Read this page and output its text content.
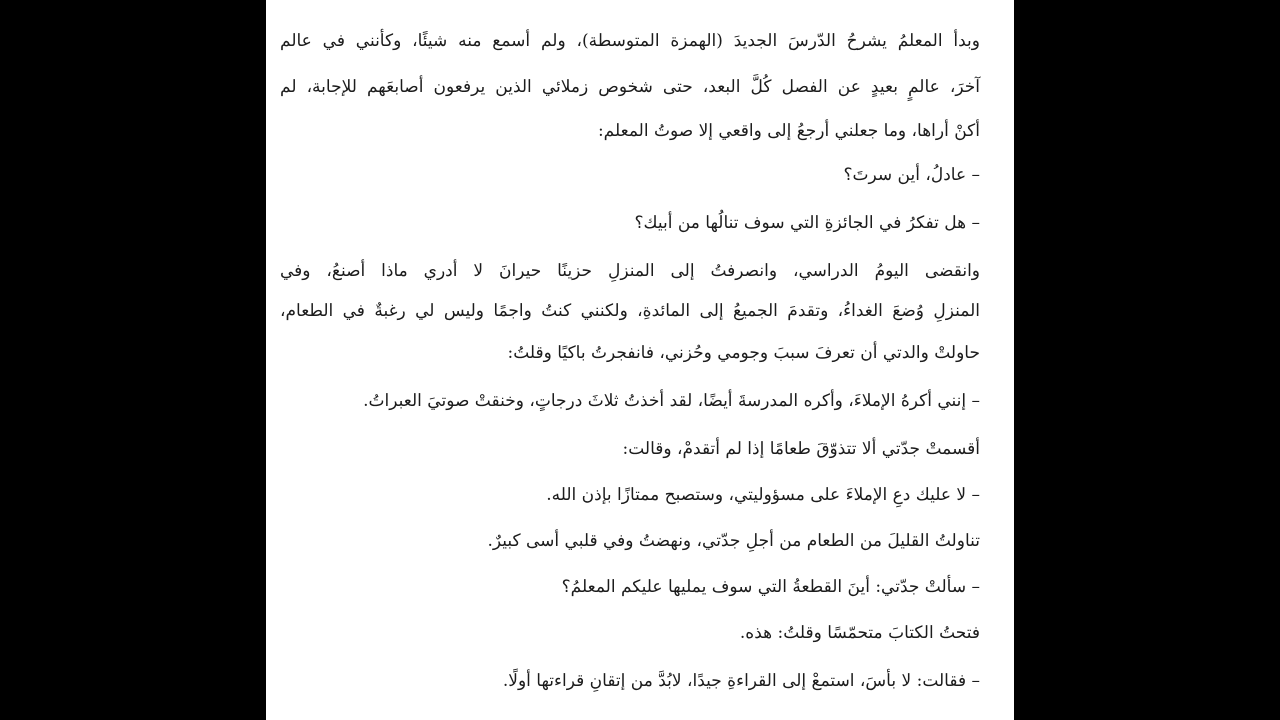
وبدأ المعلمُ يشرحُ الدّرسَ الجديدَ (الهمزة المتوسطة)، ولم أسمع منه شيئًا، وكأنني في عالم
آخرَ، عالمٍ بعيدٍ عن الفصل كُلَّ البعد، حتى شخوص زملائي الذين يرفعون أصابعَهم للإجابة، لم
أكنْ أراها، وما جعلني أرجعُ إلى واقعي إلا صوتُ المعلم:
– عادلُ، أين سرتَ؟
– هل تفكرُ في الجائزةِ التي سوف تنالُها من أبيك؟
وانقضى اليومُ الدراسي، وانصرفتُ إلى المنزلِ حزينًا حيرانَ لا أدري ماذا أصنعُ، وفي
المنزلِ وُضعَ الغداءُ، وتقدمَ الجميعُ إلى المائدةِ، ولكنني كنتُ واجمًا وليس لي رغبةٌ في الطعام،
حاولتْ والدتي أن تعرفَ سببَ وجومي وحُزني، فانفجرتُ باكيًا وقلتُ:
– إنني أكرهُ الإملاءَ، وأكره المدرسةَ أيضًا، لقد أخذتُ ثلاثَ درجاتٍ، وخنقتْ صوتيَ العبراتُ.
أقسمتْ جدّتي ألا تتذوّقَ طعامًا إذا لم أتقدمْ، وقالت:
– لا عليك دعِ الإملاءَ على مسؤوليتي، وستصبح ممتازًا بإذن الله.
تناولتُ القليلَ من الطعام من أجلِ جدّتي، ونهضتُ وفي قلبي أسى كبيرٌ.
– سألتْ جدّتي: أينَ القطعةُ التي سوف يمليها عليكم المعلمُ؟
فتحتُ الكتابَ متحمّسًا وقلتُ: هذه.
– فقالت: لا بأسَ، استمعْ إلى القراءةِ جيدًا، لابُدَّ من إتقانِ قراءتها أولًا.
